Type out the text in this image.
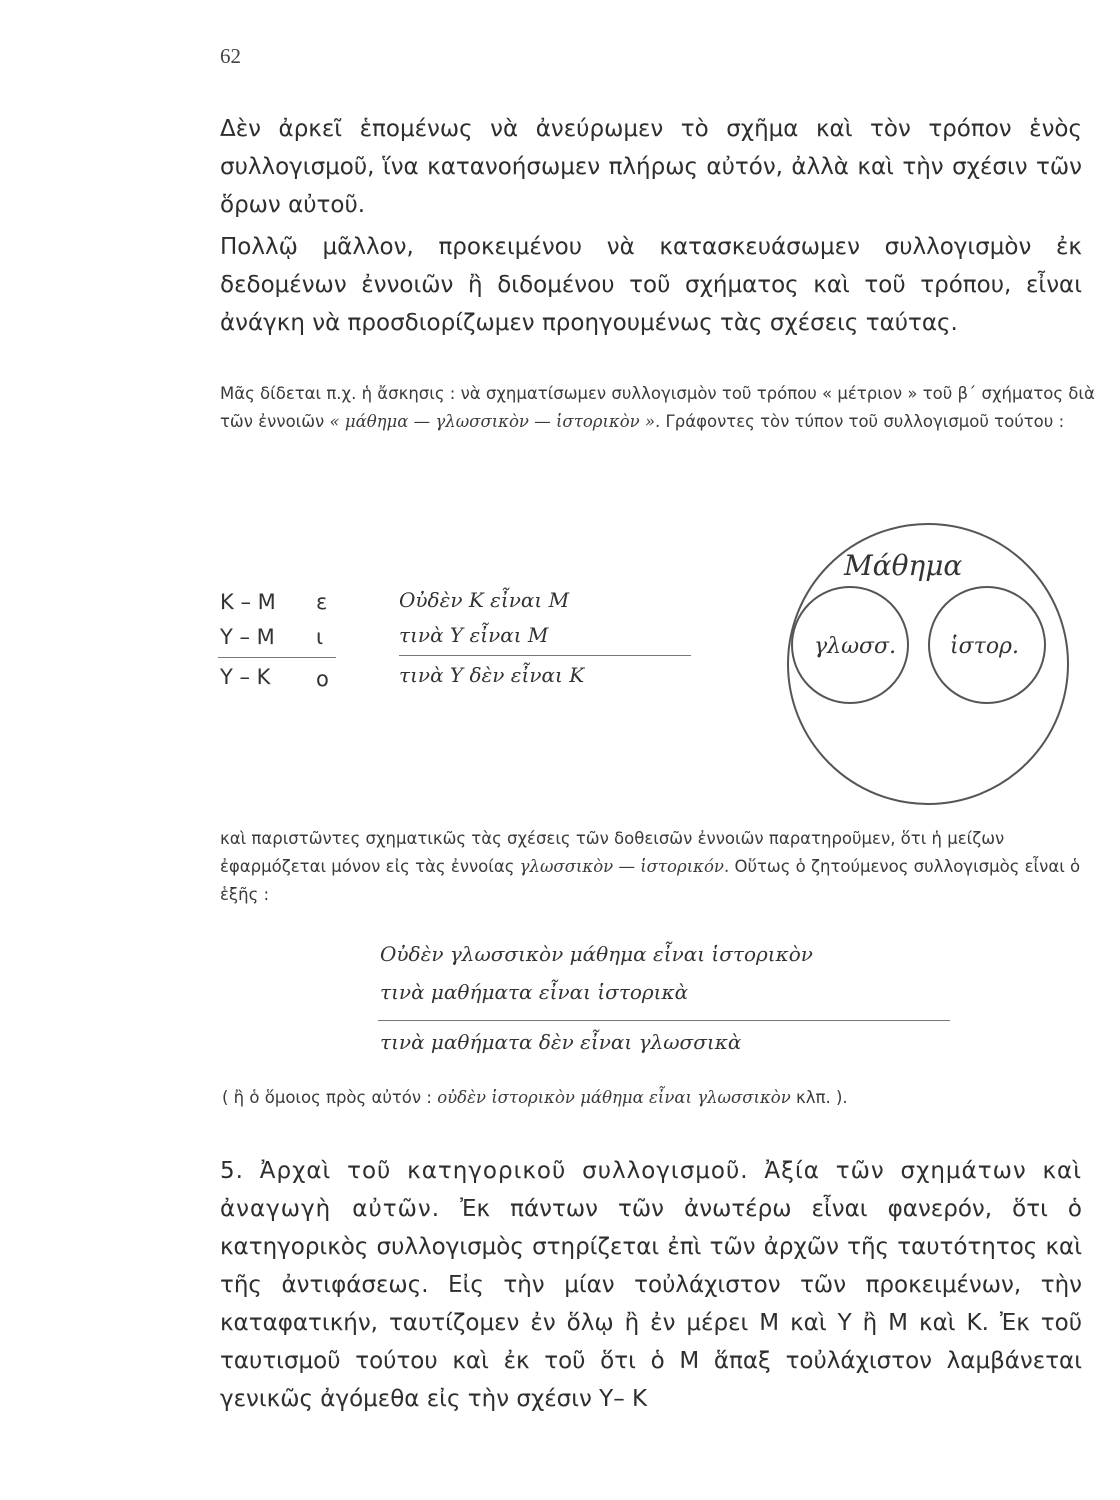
62

Δὲν ἀρκεῖ ἑπομένως νὰ ἀνεύρωμεν τὸ σχῆμα καὶ τὸν τρόπον ἑνὸς συλλογισμοῦ, ἵνα κατανοήσωμεν πλήρως αὐτόν, ἀλλὰ καὶ τὴν σχέσιν τῶν ὅρων αὐτοῦ.

Πολλῷ μᾶλλον, προκειμένου νὰ κατασκευάσωμεν συλλογισμὸν ἐκ δεδομένων ἐννοιῶν ἢ διδομένου τοῦ σχήματος καὶ τοῦ τρόπου, εἶναι ἀνάγκη νὰ προσδιορίζωμεν προηγουμένως τὰς σχέσεις ταύτας.

Μᾶς δίδεται π.χ. ἡ ἄσκησις : νὰ σχηματίσωμεν συλλογισμὸν τοῦ τρόπου « μέτριον » τοῦ β΄ σχήματος διὰ τῶν ἐννοιῶν « μάθημα — γλωσσικὸν — ἱστορικὸν ». Γράφοντες τὸν τύπον τοῦ συλλογισμοῦ τούτου :

Κ – Μ ε	Οὐδὲν Κ εἶναι Μ
Υ – Μ ι	τινὰ Υ εἶναι Μ
Υ – Κ ο	τινὰ Υ δὲν εἶναι Κ
Μάθημα
γλωσσ. ἱστορ.

καὶ παριστῶντες σχηματικῶς τὰς σχέσεις τῶν δοθεισῶν ἐννοιῶν παρατηροῦμεν, ὅτι ἡ μείζων ἐφαρμόζεται μόνον εἰς τὰς ἐννοίας γλωσσικὸν — ἱστορικόν. Οὕτως ὁ ζητούμενος συλλογισμὸς εἶναι ὁ ἑξῆς :

Οὐδὲν γλωσσικὸν μάθημα εἶναι ἱστορικὸν
τινὰ μαθήματα εἶναι ἱστορικὰ
τινὰ μαθήματα δὲν εἶναι γλωσσικὰ
( ἢ ὁ ὅμοιος πρὸς αὐτόν : οὐδὲν ἱστορικὸν μάθημα εἶναι γλωσσικὸν κλπ. ).

5. Ἀρχαὶ τοῦ κατηγορικοῦ συλλογισμοῦ. Ἀξία τῶν σχημάτων καὶ ἀναγωγὴ αὐτῶν. Ἐκ πάντων τῶν ἀνωτέρω εἶναι φανερόν, ὅτι ὁ κατηγορικὸς συλλογισμὸς στηρίζεται ἐπὶ τῶν ἀρχῶν τῆς ταυτότητος καὶ τῆς ἀντιφάσεως. Εἰς τὴν μίαν τοὐλάχιστον τῶν προκειμένων, τὴν καταφατικήν, ταυτίζομεν ἐν ὅλῳ ἢ ἐν μέρει Μ καὶ Υ ἢ Μ καὶ Κ. Ἐκ τοῦ ταυτισμοῦ τούτου καὶ ἐκ τοῦ ὅτι ὁ Μ ἅπαξ τοὐλάχιστον λαμβάνεται γενικῶς ἀγόμεθα εἰς τὴν σχέσιν Υ– Κ
